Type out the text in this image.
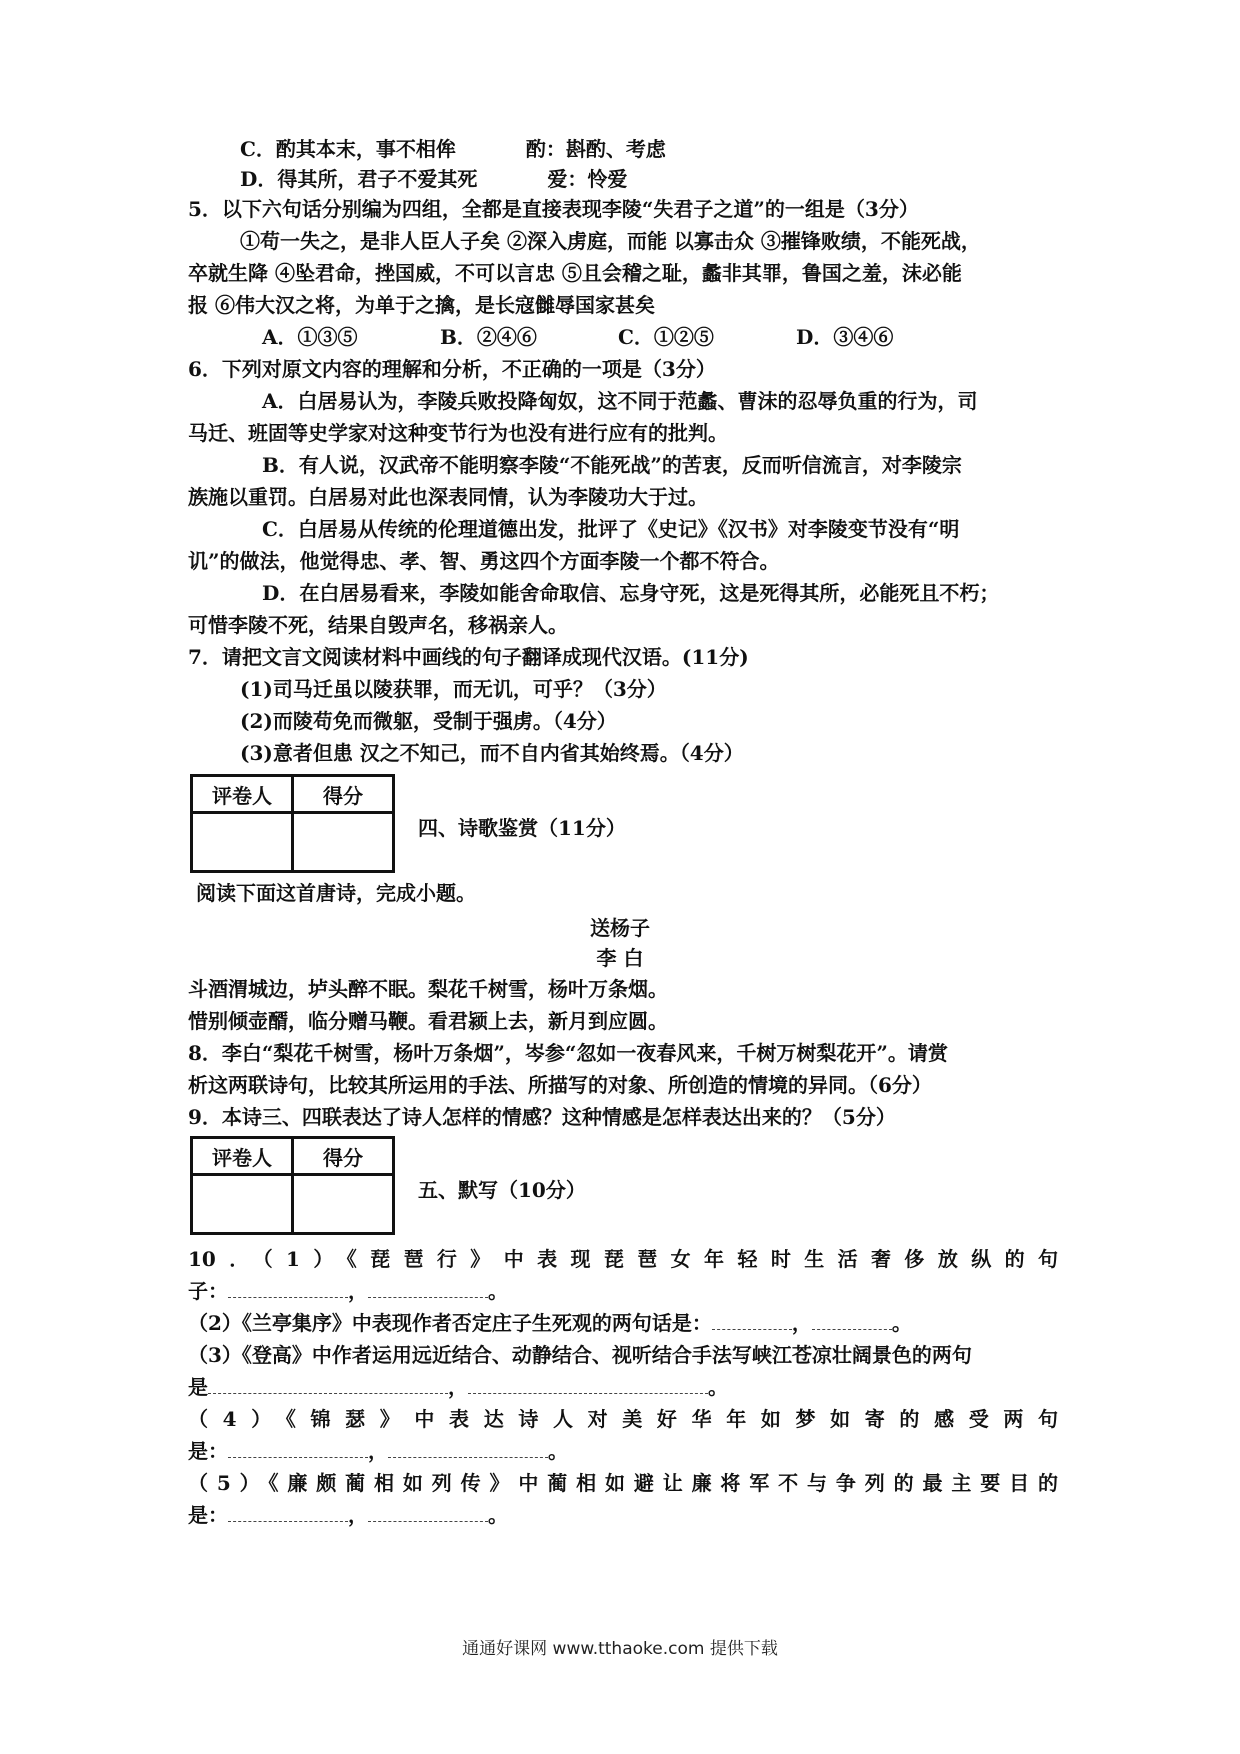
C．酌其本末，事不相侔	酌：斟酌、考虑
D．得其所，君子不爱其死	爱：怜爱
5．以下六句话分别编为四组，全都是直接表现李陵“失君子之道”的一组是（3分）
①苟一失之，是非人臣人子矣 ②深入虏庭，而能 以寡击众 ③摧锋败绩，不能死战，
卒就生降 ④坠君命，挫国威，不可以言忠 ⑤且会稽之耻，蠡非其罪，鲁国之羞，沫必能
报 ⑥伟大汉之将，为单于之擒，是长寇雠辱国家甚矣
A．①③⑤	B．②④⑥	C．①②⑤	D．③④⑥
6．下列对原文内容的理解和分析，不正确的一项是（3分）
A．白居易认为，李陵兵败投降匈奴，这不同于范蠡、曹沫的忍辱负重的行为，司
马迁、班固等史学家对这种变节行为也没有进行应有的批判。
B．有人说，汉武帝不能明察李陵“不能死战”的苦衷，反而听信流言，对李陵宗
族施以重罚。白居易对此也深表同情，认为李陵功大于过。
C．白居易从传统的伦理道德出发，批评了《史记》《汉书》对李陵变节没有“明
讥”的做法，他觉得忠、孝、智、勇这四个方面李陵一个都不符合。
D．在白居易看来，李陵如能舍命取信、忘身守死，这是死得其所，必能死且不朽；
可惜李陵不死，结果自毁声名，移祸亲人。
7．请把文言文阅读材料中画线的句子翻译成现代汉语。(11分)
(1)司马迁虽以陵获罪，而无讥，可乎？（3分）
(2)而陵苟免而微躯，受制于强虏。（4分）
(3)意者但患 汉之不知己，而不自内省其始终焉。（4分）
评卷人	得分

四、诗歌鉴赏（11分）
阅读下面这首唐诗，完成小题。
送杨子
李 白
斗酒渭城边，垆头醉不眠。梨花千树雪，杨叶万条烟。
惜别倾壶醑，临分赠马鞭。看君颍上去，新月到应圆。
8．李白“梨花千树雪，杨叶万条烟”，岑参“忽如一夜春风来，千树万树梨花开”。请赏
析这两联诗句，比较其所运用的手法、所描写的对象、所创造的情境的异同。（6分）
9．本诗三、四联表达了诗人怎样的情感？这种情感是怎样表达出来的？（5分）
评卷人	得分

五、默写（10分）
10．（1）《琵琶行》中表现琵琶女年轻时生活奢侈放纵的句
子：	，	。
（2）《兰亭集序》中表现作者否定庄子生死观的两句话是：	，	。
（3）《登高》中作者运用远近结合、动静结合、视听结合手法写峡江苍凉壮阔景色的两句
是	，	。
（4）《锦瑟》中表达诗人对美好华年如梦如寄的感受两句
是：	，	。
（5）《廉颇蔺相如列传》中蔺相如避让廉将军不与争列的最主要目的
是：	，	。
通通好课网 www.tthaoke.com 提供下载
